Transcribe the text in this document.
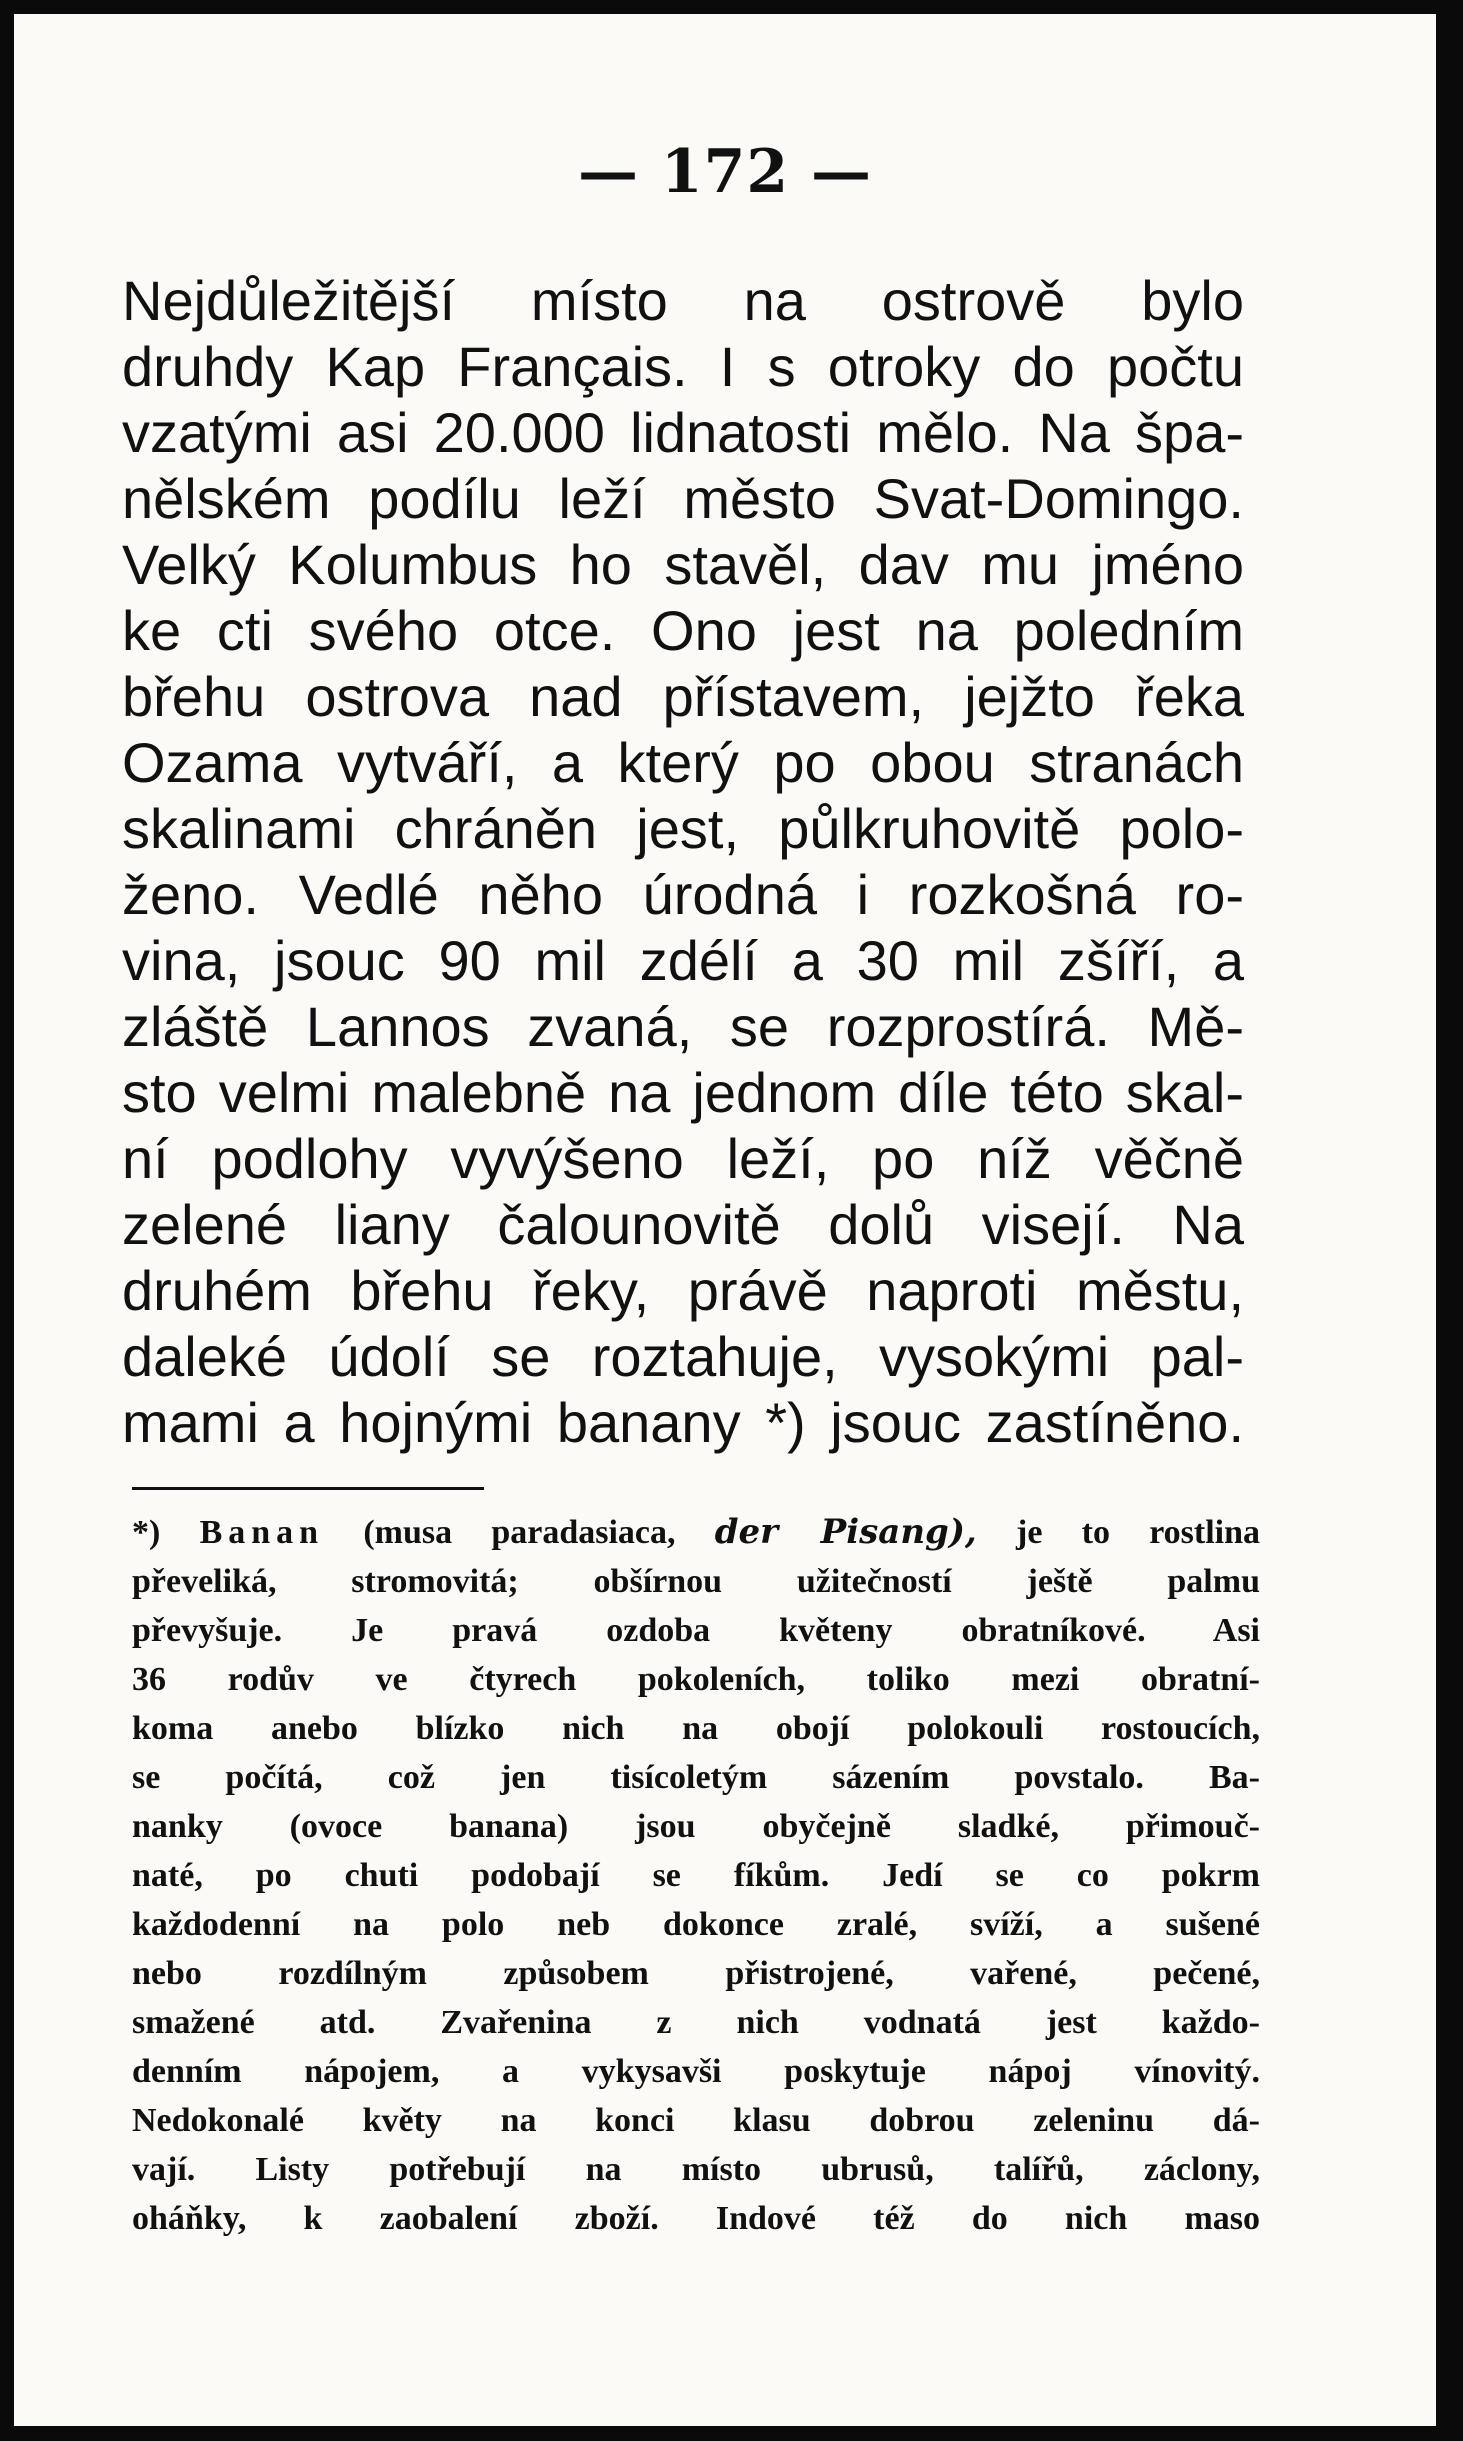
— 172 —
Nejdůležitější místo na ostrově bylo
druhdy Kap Français. I s otroky do počtu
vzatými asi 20.000 lidnatosti mělo. Na špa-
nělském podílu leží město Svat-Domingo.
Velký Kolumbus ho stavěl, dav mu jméno
ke cti svého otce. Ono jest na poledním
břehu ostrova nad přístavem, jejžto řeka
Ozama vytváří, a který po obou stranách
skalinami chráněn jest, půlkruhovitě polo-
ženo. Vedlé něho úrodná i rozkošná ro-
vina, jsouc 90 mil zdélí a 30 mil zšíří, a
zláště Lannos zvaná, se rozprostírá. Mě-
sto velmi malebně na jednom díle této skal-
ní podlohy vyvýšeno leží, po níž věčně
zelené liany čalounovitě dolů visejí. Na
druhém břehu řeky, právě naproti městu,
daleké údolí se roztahuje, vysokými pal-
mami a hojnými banany *) jsouc zastíněno.
*) Banan (musa paradasiaca, der Pisang), je to rostlina
převeliká, stromovitá; obšírnou užitečností ještě palmu
převyšuje. Je pravá ozdoba květeny obratníkové. Asi
36 rodův ve čtyrech pokoleních, toliko mezi obratní-
koma anebo blízko nich na obojí polokouli rostoucích,
se počítá, což jen tisícoletým sázením povstalo. Ba-
nanky (ovoce banana) jsou obyčejně sladké, přimouč-
naté, po chuti podobají se fíkům. Jedí se co pokrm
každodenní na polo neb dokonce zralé, svíží, a sušené
nebo rozdílným způsobem přistrojené, vařené, pečené,
smažené atd. Zvařenina z nich vodnatá jest každo-
denním nápojem, a vykysavši poskytuje nápoj vínovitý.
Nedokonalé květy na konci klasu dobrou zeleninu dá-
vají. Listy potřebují na místo ubrusů, talířů, záclony,
oháňky, k zaobalení zboží. Indové též do nich maso
